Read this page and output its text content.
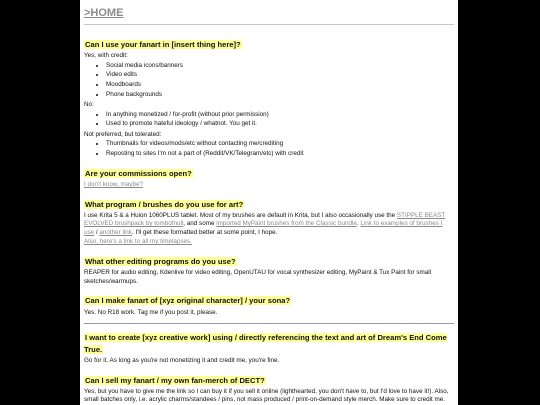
>HOME
Can I use your fanart in [insert thing here]?

Yes, with credit:

• Social media icons/banners
• Video edits
• Moodboards
• Phone backgrounds

No:

• In anything monetized / for-profit (without prior permission)
• Used to promote hateful ideology / whatnot. You get it.

Not preferred, but tolerated:

• Thumbnails for videos/mods/etc without contacting me/crediting
• Reposting to sites I'm not a part of (Reddit/VK/Telegram/etc) with credit
Are your commissions open?

I don't know, maybe?

What program / brushes do you use for art?

I use Krita 5 & a Huion 1060PLUS tablet. Most of my brushes are default in Krita, but I also occasionally use the STIPPLE BEAST EVOLVED brushpack by tombofnull, and some imported MyPaint brushes from the Classic bundle. Link to examples of brushes I use / another link. I'll get these formatted better at some point, I hope.

Also, here's a link to all my timelapses.

What other editing programs do you use?

REAPER for audio editing, Kdenlive for video editing, OpenUTAU for vocal synthesizer editing, MyPaint & Tux Paint for small sketches/warmups.

Can I make fanart of [xyz original character] / your sona?

Yes. No R18 work. Tag me if you post it, please.

I want to create [xyz creative work] using / directly referencing the text and art of Dream's End Come True.

Go for it. As long as you're not monetizing it and credit me, you're fine.

Can I sell my fanart / my own fan-merch of DECT?

Yes, but you have to give me the link so I can buy it if you sell it online (lighthearted, you don't have to, but I'd love to have it!). Also, small batches only, i.e. acrylic charms/standees / pins, not mass produced / print-on-demand style merch. Make sure to credit me.
